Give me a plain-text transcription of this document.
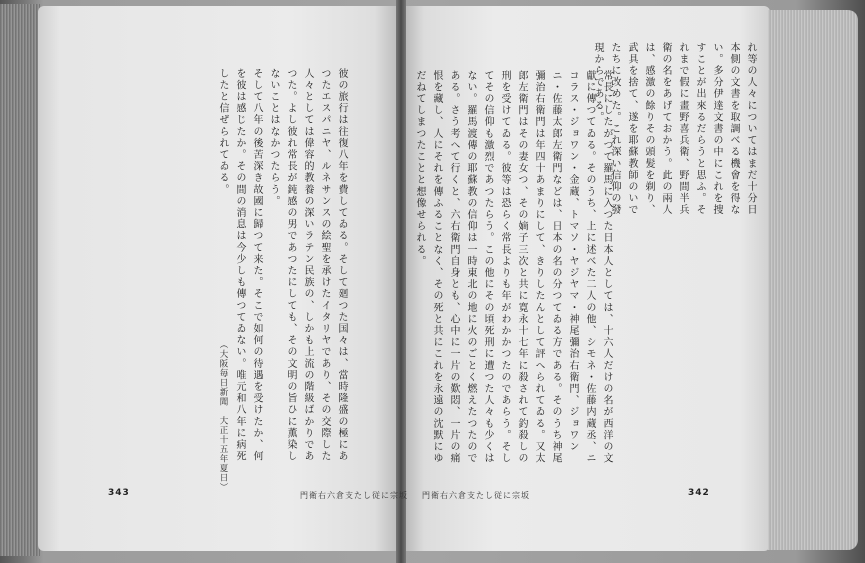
彼の旅行は往復八年を費してゐる。そして廻つた国々は、當時隆盛の極にあつたエスパニヤ、ルネサンスの絵聖を承けたイタリヤであり、その交際した人々としては偉容的教養の深いラテン民族の、しかも上流の階級ばかりであつた。よし彼れ常長が鈍感の男であつたにしても、その文明の旨ひに薫染しないことはなかつたらう。
そして八年の後苦深き故國に歸つて来た。そこで如何の待遇を受けたか、何を彼は感じたか。その間の消息は今少しも傳つてゐない。唯元和八年に病死したと信ぜられてゐる。
（大阪毎日新聞　大正十五年夏日）
343	門衛右六倉支たし従に宗坂
れ等の人々についてはまだ十分日本側の文書を取調べる機會を得ない。多分伊達文書の中にこれを捜すことが出來るだらうと思ふ。それまで假に畫野喜兵衛、野間半兵衛の名をあげておかう。此の兩人は、感激の餘りその頭髪を剃り、武具を捨て、遂を耶蘇教師のいでたちに改めた。これ深い信仰の發現からである。
常長にしたがつて羅馬に入つた日本人としては、十六人だけの名が西洋の文獻に傳つてゐる。そのうち、上に述べた二人の他、シモネ・佐藤内蔵丞、ニコラス・ジョワン・金蔵、トマソ・ヤジヤマ・神尾彌治右衛門、ジョワンニ・佐藤太郎左衛門などは、日本の名の分つてゐる方である。そのうち神尾彌治右衛門は年四十あまりにして、きりしたんとして評へられてゐる。又太郎左衛門はその妻女つ、その嫡子三次と共に寛永十七年に殺されて釣殺しの刑を受けてゐる。彼等は恐らく常長よりも年がわかかつたのであらう。そしてその信仰も激烈であつたらう。この他にその頃死刑に遭つた人々も少くはない。羅馬渡傳の耶蘇教の信仰は一時東北の地に火のごとく燃えたつたのである。さう考へて行くと、六右衛門自身とも、心中に一片の歎悶、一片の痛恨を藏し、人にそれを傳ふることなく、その死と共にこれを永遠の沈默にゆだねてしまつたことと想像せられる。
門衛右六倉支たし従に宗坂	342
